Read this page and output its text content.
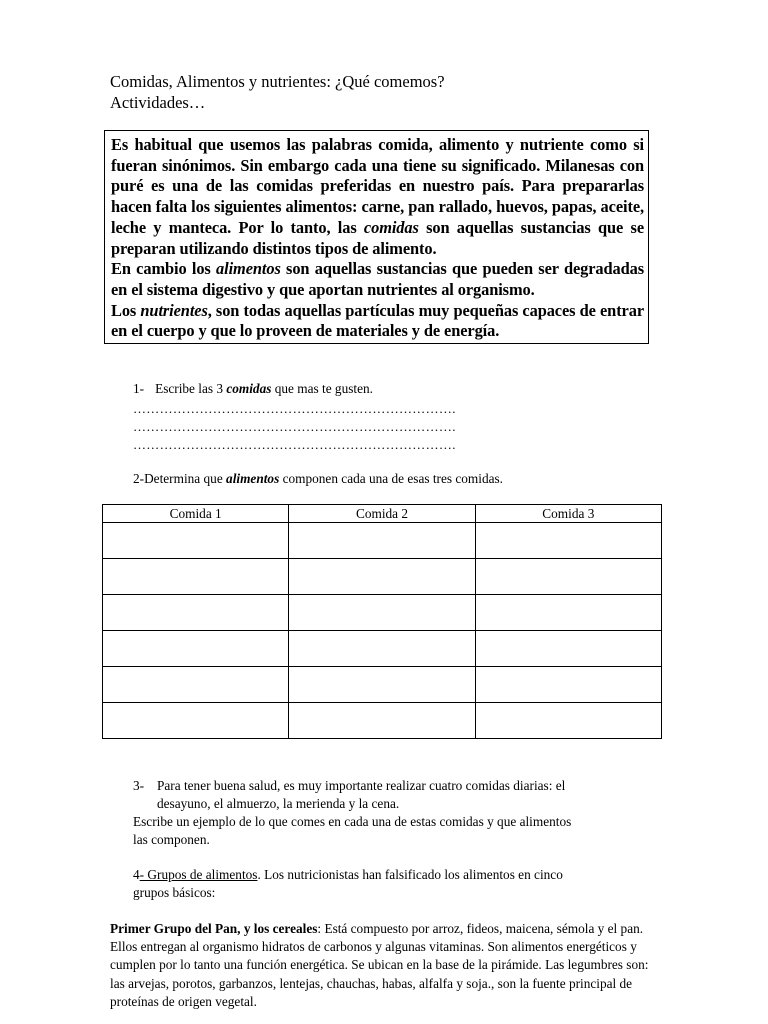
Comidas, Alimentos y nutrientes: ¿Qué comemos?
Actividades…

Es habitual que usemos las palabras comida, alimento y nutriente como si fueran sinónimos. Sin embargo cada una tiene su significado. Milanesas con puré es una de las comidas preferidas en nuestro país. Para prepararlas hacen falta los siguientes alimentos: carne, pan rallado, huevos, papas, aceite, leche y manteca. Por lo tanto, las comidas son aquellas sustancias que se preparan utilizando distintos tipos de alimento.

En cambio los alimentos son aquellas sustancias que pueden ser degradadas en el sistema digestivo y que aportan nutrientes al organismo.

Los nutrientes, son todas aquellas partículas muy pequeñas capaces de entrar en el cuerpo y que lo proveen de materiales y de energía.

1- Escribe las 3 comidas que mas te gusten.
……………………………………………………………….
……………………………………………………………….
……………………………………………………………….
2-Determina que alimentos componen cada una de esas tres comidas.
Comida 1	Comida 2	Comida 3

3- Para tener buena salud, es muy importante realizar cuatro comidas diarias: el
desayuno, el almuerzo, la merienda y la cena.
Escribe un ejemplo de lo que comes en cada una de estas comidas y que alimentos
las componen.
4- Grupos de alimentos. Los nutricionistas han falsificado los alimentos en cinco
grupos básicos:
Primer Grupo del Pan, y los cereales: Está compuesto por arroz, fideos, maicena, sémola y el pan. Ellos entregan al organismo hidratos de carbonos y algunas vitaminas. Son alimentos energéticos y cumplen por lo tanto una función energética. Se ubican en la base de la pirámide. Las legumbres son: las arvejas, porotos, garbanzos, lentejas, chauchas, habas, alfalfa y soja., son la fuente principal de proteínas de origen vegetal.
